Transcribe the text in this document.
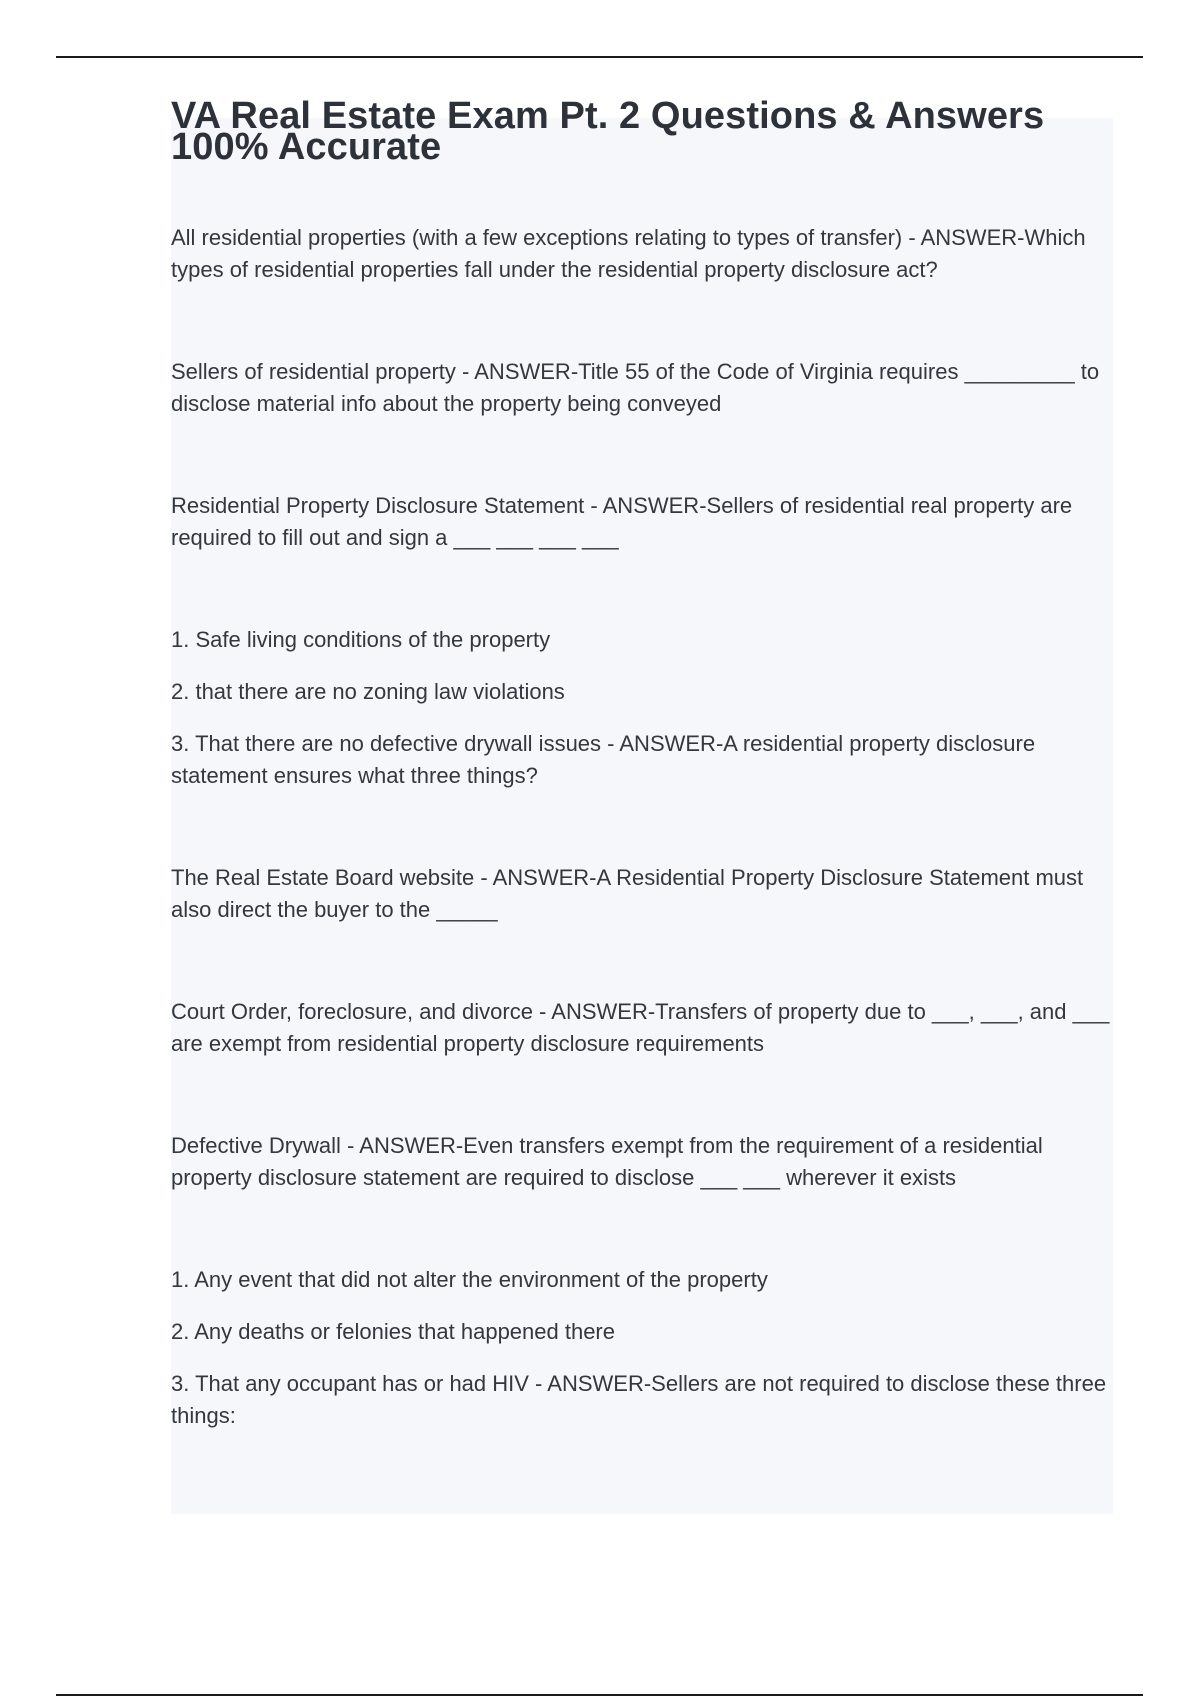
VA Real Estate Exam Pt. 2 Questions & Answers 100% Accurate

All residential properties (with a few exceptions relating to types of transfer) - ANSWER-Which types of residential properties fall under the residential property disclosure act?

Sellers of residential property - ANSWER-Title 55 of the Code of Virginia requires _________ to disclose material info about the property being conveyed

Residential Property Disclosure Statement - ANSWER-Sellers of residential real property are required to fill out and sign a ___ ___ ___ ___

1. Safe living conditions of the property

2. that there are no zoning law violations

3. That there are no defective drywall issues - ANSWER-A residential property disclosure statement ensures what three things?

The Real Estate Board website - ANSWER-A Residential Property Disclosure Statement must also direct the buyer to the _____

Court Order, foreclosure, and divorce - ANSWER-Transfers of property due to ___, ___, and ___ are exempt from residential property disclosure requirements

Defective Drywall - ANSWER-Even transfers exempt from the requirement of a residential property disclosure statement are required to disclose ___ ___ wherever it exists

1. Any event that did not alter the environment of the property

2. Any deaths or felonies that happened there

3. That any occupant has or had HIV - ANSWER-Sellers are not required to disclose these three things:
